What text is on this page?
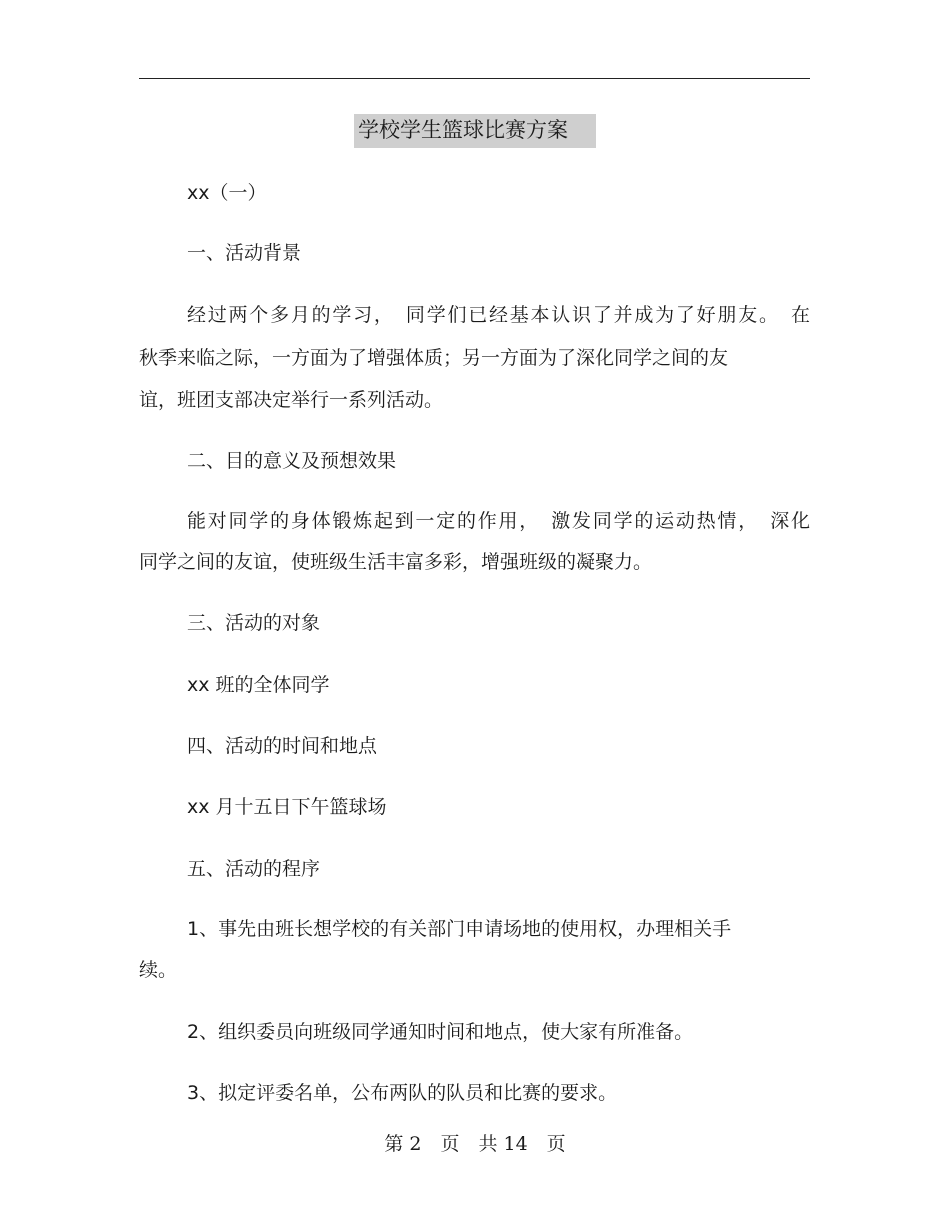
学校学生篮球比赛方案
xx（一）
一、活动背景
经过两个多月的学习，　同学们已经基本认识了并成为了好朋友。　在
秋季来临之际，一方面为了增强体质；另一方面为了深化同学之间的友
谊，班团支部决定举行一系列活动。
二、目的意义及预想效果
能对同学的身体锻炼起到一定的作用，　激发同学的运动热情，　深化
同学之间的友谊，使班级生活丰富多彩，增强班级的凝聚力。
三、活动的对象
xx 班的全体同学
四、活动的时间和地点
xx 月十五日下午篮球场
五、活动的程序
1、事先由班长想学校的有关部门申请场地的使用权，办理相关手
续。
2、组织委员向班级同学通知时间和地点，使大家有所准备。
3、拟定评委名单，公布两队的队员和比赛的要求。
第 2　页　共 14　页
